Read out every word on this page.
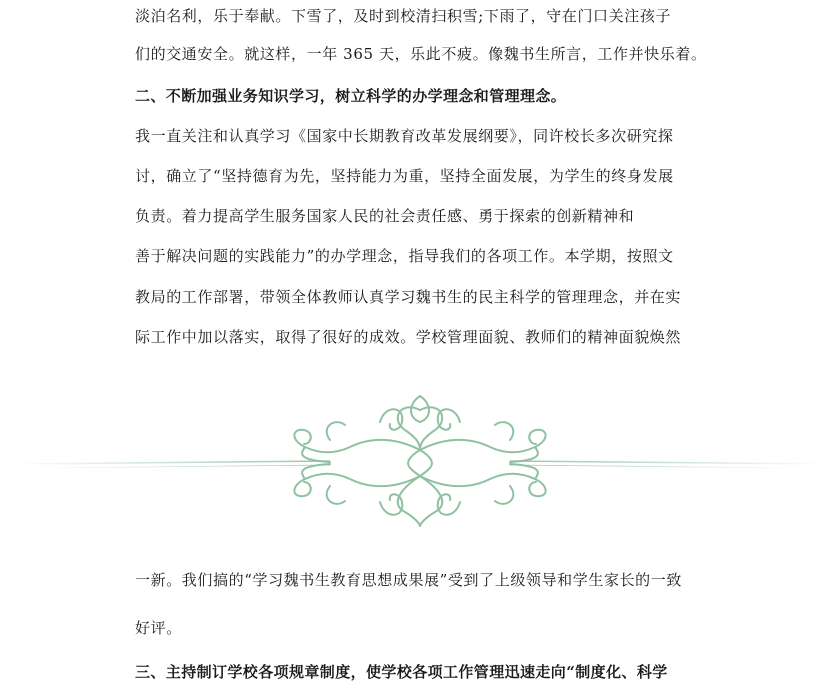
淡泊名利，乐于奉献。下雪了，及时到校清扫积雪;下雨了，守在门口关注孩子
们的交通安全。就这样，一年 365 天，乐此不疲。像魏书生所言，工作并快乐着。
二、不断加强业务知识学习，树立科学的办学理念和管理理念。
我一直关注和认真学习《国家中长期教育改革发展纲要》，同许校长多次研究探
讨，确立了“坚持德育为先，坚持能力为重，坚持全面发展，为学生的终身发展
负责。着力提高学生服务国家人民的社会责任感、勇于探索的创新精神和
善于解决问题的实践能力”的办学理念，指导我们的各项工作。本学期，按照文
教局的工作部署，带领全体教师认真学习魏书生的民主科学的管理理念，并在实
际工作中加以落实，取得了很好的成效。学校管理面貌、教师们的精神面貌焕然
一新。我们搞的“学习魏书生教育思想成果展”受到了上级领导和学生家长的一致
好评。
三、主持制订学校各项规章制度，使学校各项工作管理迅速走向“制度化、科学
